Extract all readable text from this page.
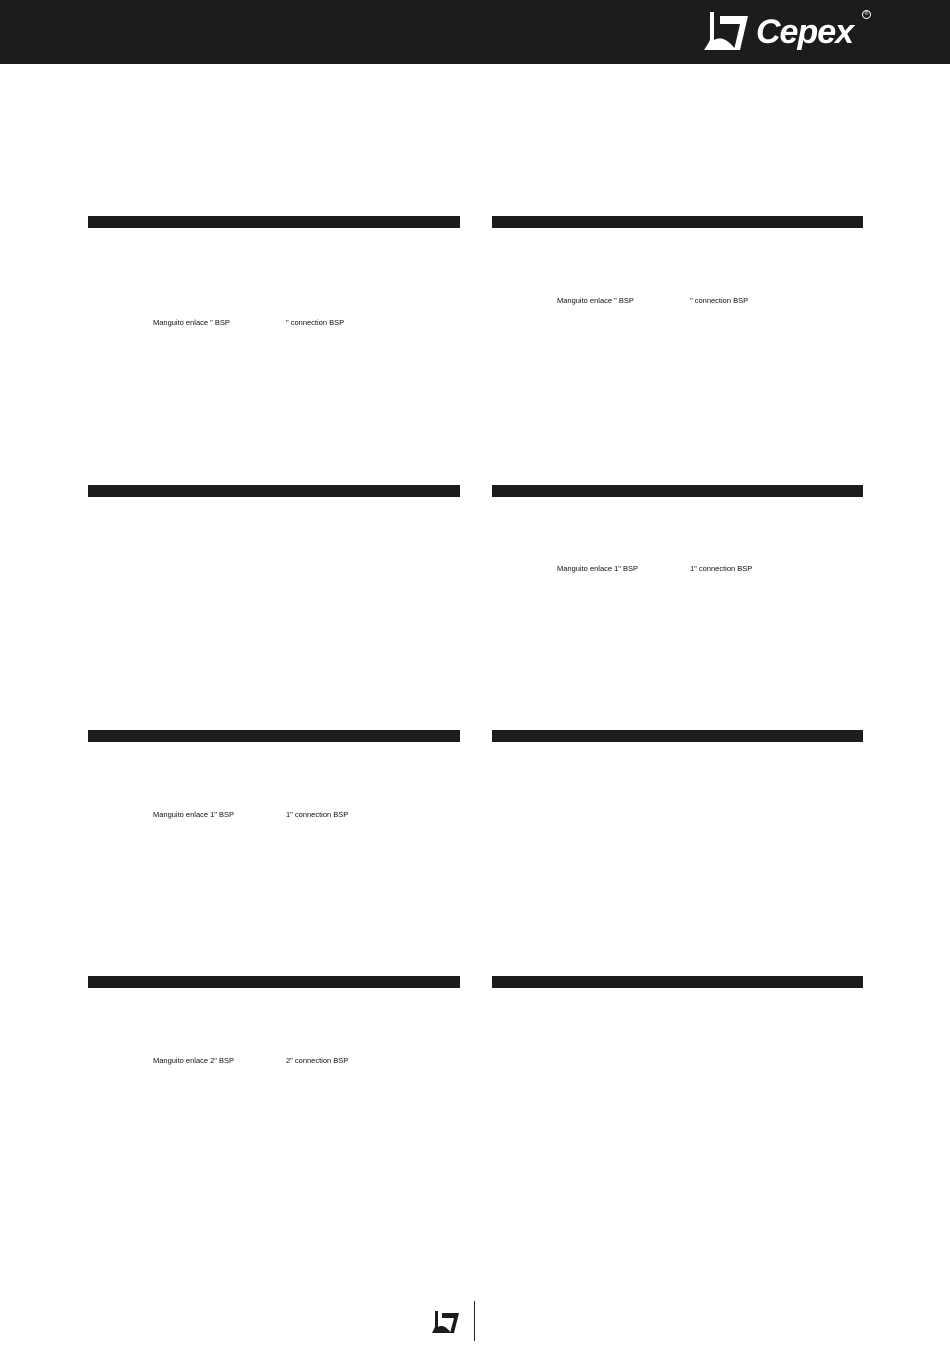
Cepex	®
Manguito enlace " BSP	" connection BSP
Manguito enlace " BSP	" connection BSP
Manguito enlace 1" BSP	1" connection BSP
Manguito enlace 1" BSP	1" connection BSP
Manguito enlace 2" BSP	2" connection BSP
